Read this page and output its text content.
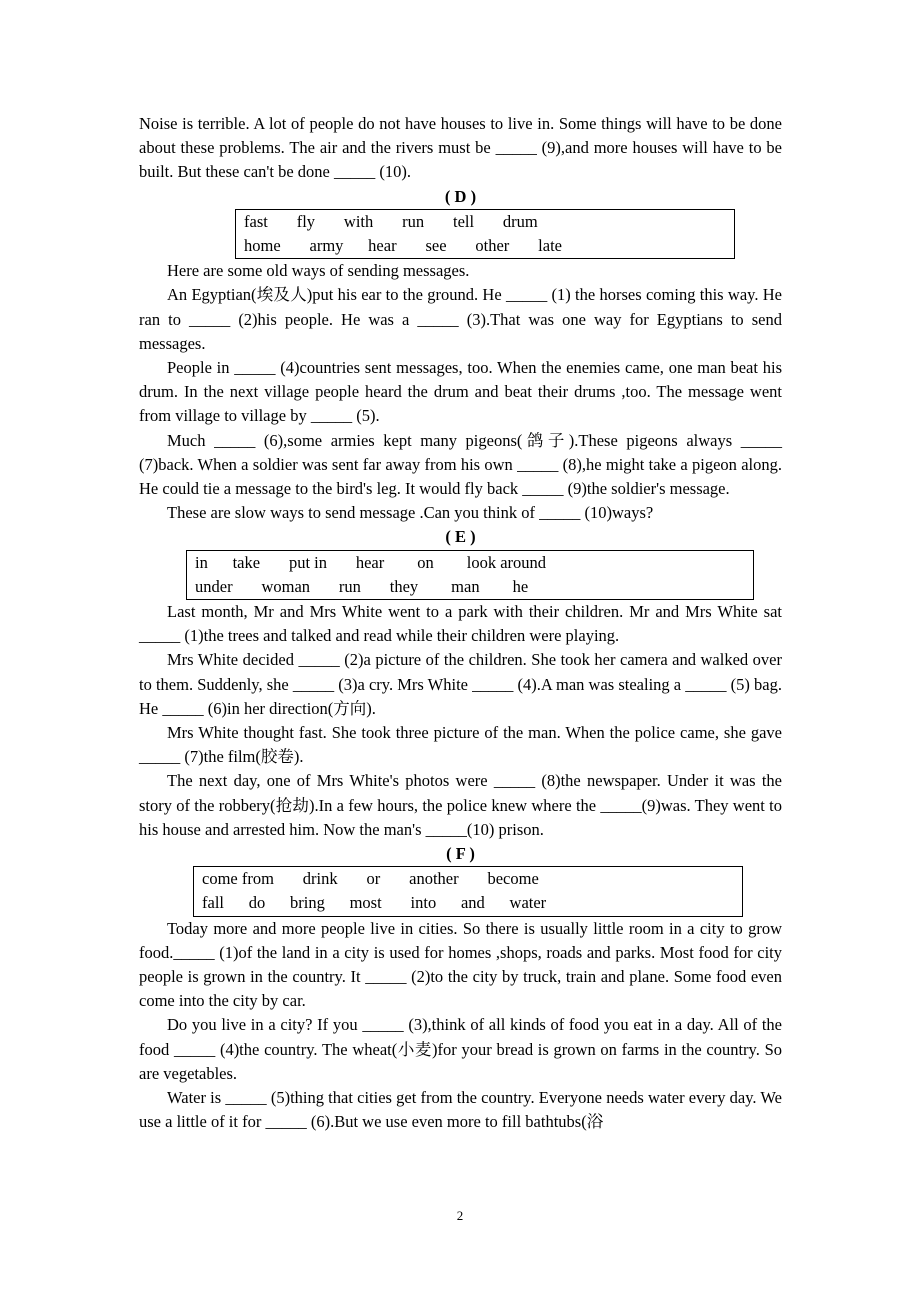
Noise is terrible. A lot of people do not have houses to live in. Some things will have to be done about these problems. The air and the rivers must be _____ (9),and more houses will have to be built. But these can't be done _____ (10).

( D )

fast       fly       with       run       tell       drum
home       army      hear       see       other       late

Here are some old ways of sending messages.

An Egyptian(埃及人)put his ear to the ground. He _____ (1) the horses coming this way. He ran to _____ (2)his people. He was a _____ (3).That was one way for Egyptians to send messages.

People in _____ (4)countries sent messages, too. When the enemies came, one man beat his drum. In the next village people heard the drum and beat their drums ,too. The message went from village to village by _____ (5).

Much _____ (6),some armies kept many pigeons(鸽子).These pigeons always _____ (7)back. When a soldier was sent far away from his own _____ (8),he might take a pigeon along. He could tie a message to the bird's leg. It would fly back _____ (9)the soldier's message.

These are slow ways to send message .Can you think of _____ (10)ways?

( E )

in      take       put in       hear        on        look around
under       woman       run       they        man        he

Last month, Mr and Mrs White went to a park with their children. Mr and Mrs White sat _____ (1)the trees and talked and read while their children were playing.

Mrs White decided _____ (2)a picture of the children. She took her camera and walked over to them. Suddenly, she _____ (3)a cry. Mrs White _____ (4).A man was stealing a _____ (5) bag. He _____ (6)in her direction(方向).

Mrs White thought fast. She took three picture of the man. When the police came, she gave _____ (7)the film(胶卷).

The next day, one of Mrs White's photos were _____ (8)the newspaper. Under it was the story of the robbery(抢劫).In a few hours, the police knew where the _____(9)was. They went to his house and arrested him. Now the man's _____(10) prison.

( F )

come from       drink       or       another       become
fall      do      bring      most       into      and      water

Today more and more people live in cities. So there is usually little room in a city to grow food._____ (1)of the land in a city is used for homes ,shops, roads and parks. Most food for city people is grown in the country. It _____ (2)to the city by truck, train and plane. Some food even come into the city by car.

Do you live in a city? If you _____ (3),think of all kinds of food you eat in a day. All of the food _____ (4)the country. The wheat(小麦)for your bread is grown on farms in the country. So are vegetables.

Water is _____ (5)thing that cities get from the country. Everyone needs water every day. We use a little of it for _____ (6).But we use even more to fill bathtubs(浴

2
